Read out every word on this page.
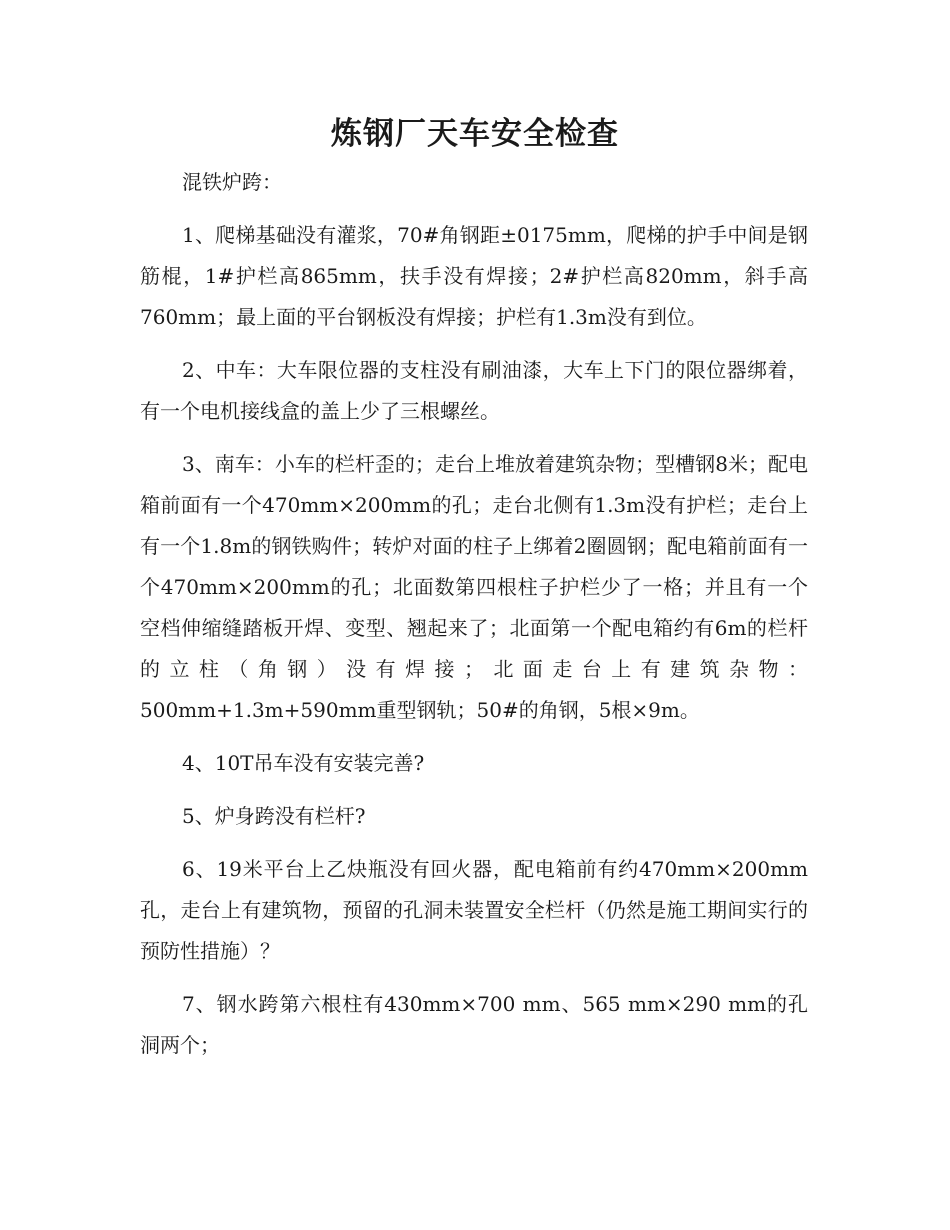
炼钢厂天车安全检查

混铁炉跨：

1、爬梯基础没有灌浆，70#角钢距±0175mm，爬梯的护手中间是钢筋棍，1#护栏高865mm，扶手没有焊接；2#护栏高820mm，斜手高760mm；最上面的平台钢板没有焊接；护栏有1.3m没有到位。

2、中车：大车限位器的支柱没有刷油漆，大车上下门的限位器绑着，有一个电机接线盒的盖上少了三根螺丝。

3、南车：小车的栏杆歪的；走台上堆放着建筑杂物；型槽钢8米；配电箱前面有一个470mm×200mm的孔；走台北侧有1.3m没有护栏；走台上有一个1.8m的钢铁购件；转炉对面的柱子上绑着2圈圆钢；配电箱前面有一个470mm×200mm的孔；北面数第四根柱子护栏少了一格；并且有一个空档伸缩缝踏板开焊、变型、翘起来了；北面第一个配电箱约有6m的栏杆的立柱（角钢）没有焊接；北面走台上有建筑杂物：500mm+1.3m+590mm重型钢轨；50#的角钢，5根×9m。

4、10T吊车没有安装完善?

5、炉身跨没有栏杆?

6、19米平台上乙炔瓶没有回火器，配电箱前有约470mm×200mm孔，走台上有建筑物，预留的孔洞未装置安全栏杆（仍然是施工期间实行的预防性措施）？

7、钢水跨第六根柱有430mm×700 mm、565 mm×290 mm的孔洞两个；
